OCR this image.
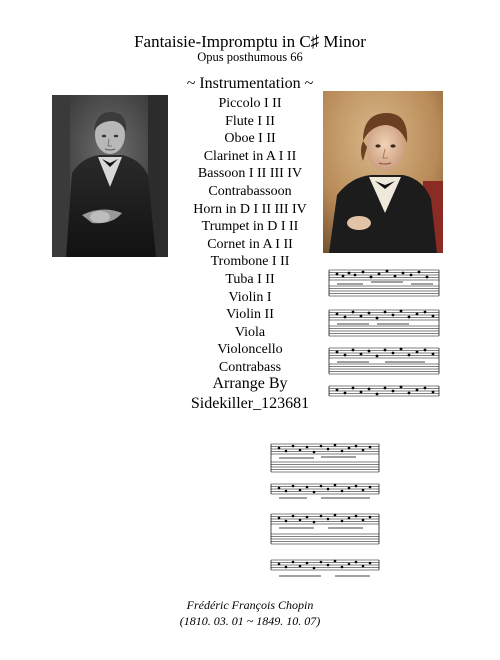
Fantaisie-Impromptu in C♯ Minor
Opus posthumous 66
~ Instrumentation ~
Piccolo I II
Flute I II
Oboe I II
Clarinet in A I II
Bassoon I II III IV
Contrabassoon
Horn in D I II III IV
Trumpet in D I II
Cornet in A I II
Trombone I II
Tuba I II
Violin I
Violin II
Viola
Violoncello
Contrabass
Arrange By
Sidekiller_123681
Frédéric François Chopin
(1810. 03. 01 ~ 1849. 10. 07)
